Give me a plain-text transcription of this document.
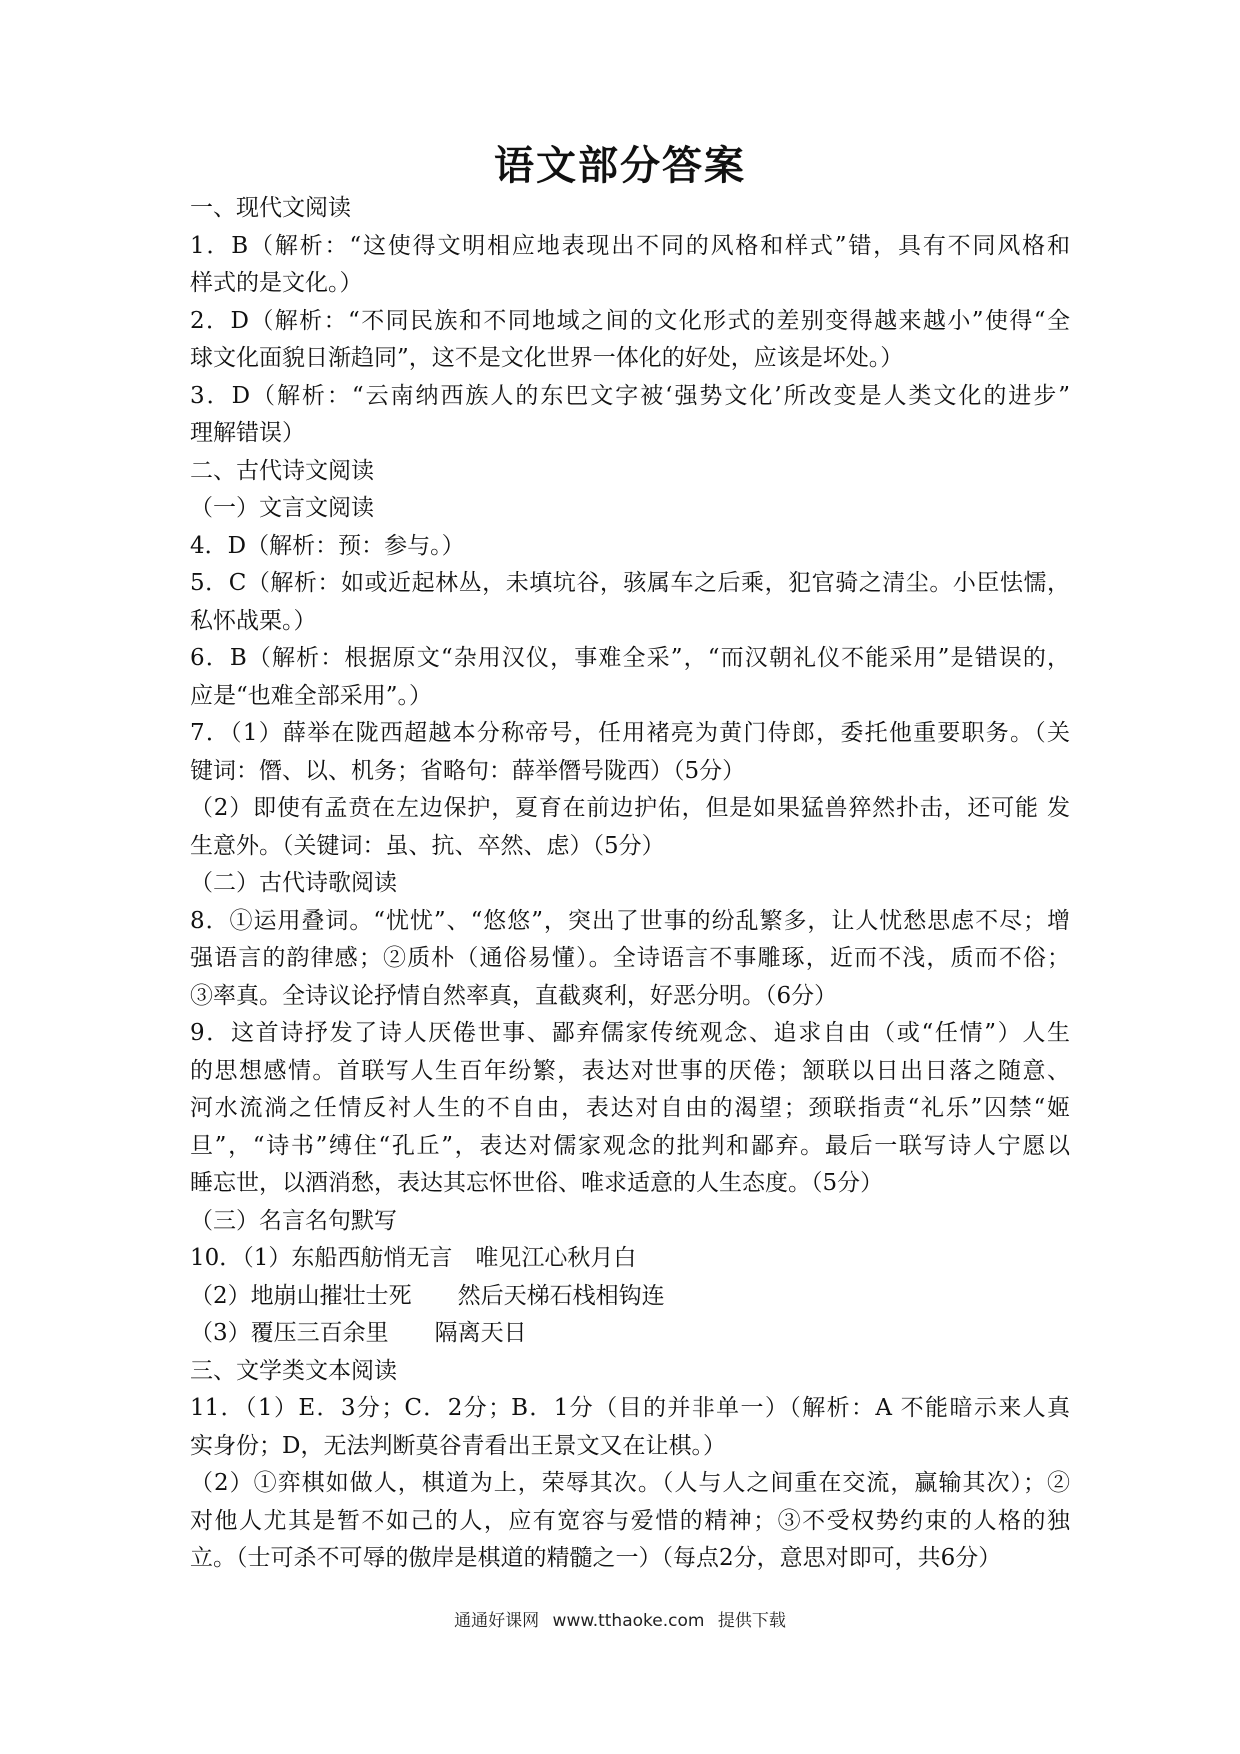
语文部分答案
一、现代文阅读
1．B（解析：“这使得文明相应地表现出不同的风格和样式”错，具有不同风格和
样式的是文化。）
2．D（解析：“不同民族和不同地域之间的文化形式的差别变得越来越小”使得“全
球文化面貌日渐趋同”，这不是文化世界一体化的好处，应该是坏处。）
3．D（解析：“云南纳西族人的东巴文字被‘强势文化’所改变是人类文化的进步”
理解错误）
二、古代诗文阅读
（一）文言文阅读
4．D（解析：预：参与。）
5．C（解析：如或近起林丛，未填坑谷，骇属车之后乘，犯官骑之清尘。小臣怯懦，
私怀战栗。）
6．B（解析：根据原文“杂用汉仪，事难全采”，“而汉朝礼仪不能采用”是错误的，
应是“也难全部采用”。）
7．（1）薛举在陇西超越本分称帝号，任用褚亮为黄门侍郎，委托他重要职务。（关
键词：僭、以、机务；省略句：薛举僭号陇西）（5分）
（2）即使有孟贲在左边保护，夏育在前边护佑，但是如果猛兽猝然扑击，还可能 发
生意外。（关键词：虽、抗、卒然、虑）（5分）
（二）古代诗歌阅读
8．①运用叠词。“忧忧”、“悠悠”，突出了世事的纷乱繁多，让人忧愁思虑不尽；增
强语言的韵律感；②质朴（通俗易懂）。全诗语言不事雕琢，近而不浅，质而不俗；
③率真。全诗议论抒情自然率真，直截爽利，好恶分明。（6分）
9．这首诗抒发了诗人厌倦世事、鄙弃儒家传统观念、追求自由（或“任情”）人生
的思想感情。首联写人生百年纷繁，表达对世事的厌倦；颔联以日出日落之随意、
河水流淌之任情反衬人生的不自由，表达对自由的渴望；颈联指责“礼乐”囚禁“姬
旦”，“诗书”缚住“孔丘”，表达对儒家观念的批判和鄙弃。最后一联写诗人宁愿以
睡忘世，以酒消愁，表达其忘怀世俗、唯求适意的人生态度。（5分）
（三）名言名句默写
10．（1）东船西舫悄无言　唯见江心秋月白
（2）地崩山摧壮士死　　然后天梯石栈相钩连
（3）覆压三百余里　　隔离天日
三、文学类文本阅读
11．（1）E．3分；C．2分；B．1分（目的并非单一）（解析：A 不能暗示来人真
实身份；D，无法判断莫谷青看出王景文又在让棋。）
（2）①弈棋如做人，棋道为上，荣辱其次。（人与人之间重在交流，赢输其次）；②
对他人尤其是暂不如己的人，应有宽容与爱惜的精神；③不受权势约束的人格的独
立。（士可杀不可辱的傲岸是棋道的精髓之一）（每点2分，意思对即可，共6分）
通通好课网 www.tthaoke.com 提供下载
